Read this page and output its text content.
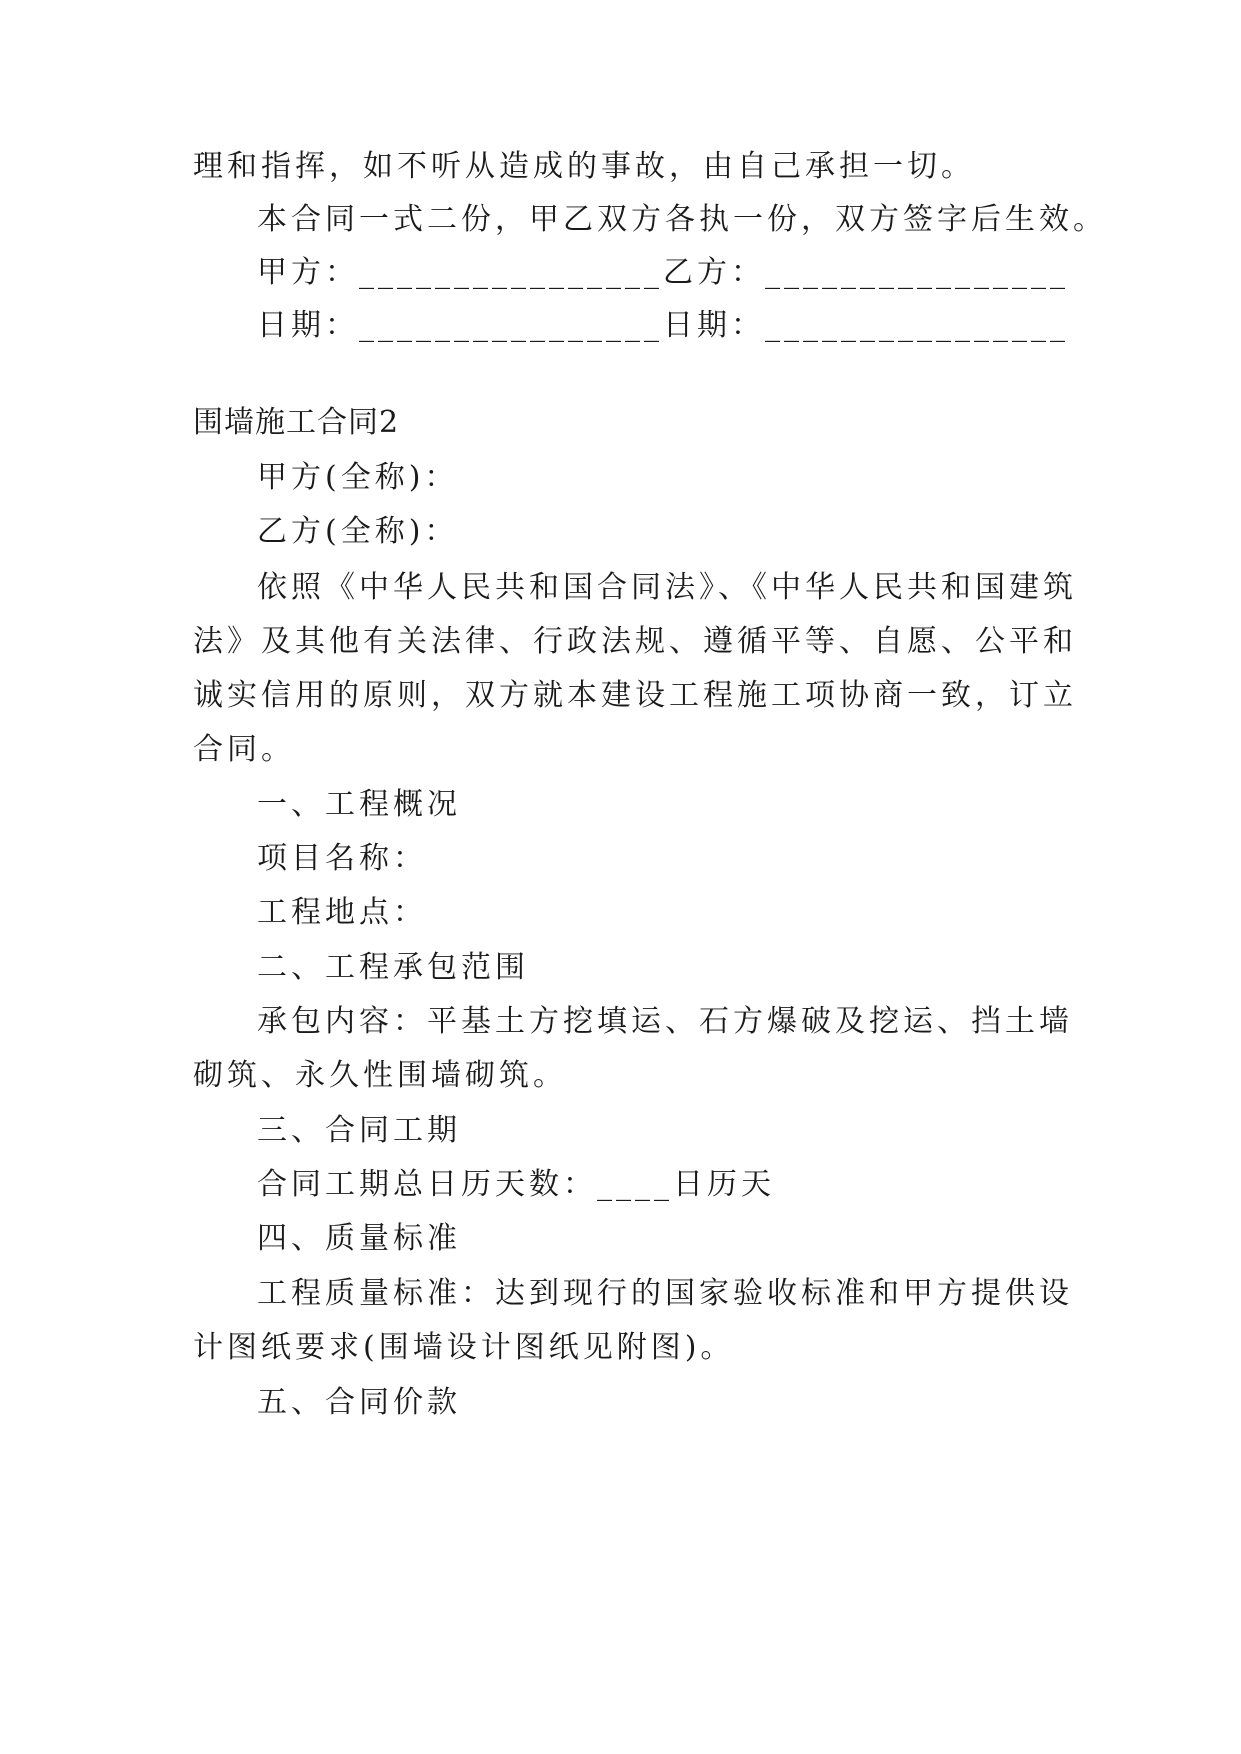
理和指挥，如不听从造成的事故，由自己承担一切。
本合同一式二份，甲乙双方各执一份，双方签字后生效。
甲方：________________乙方：________________
日期：________________日期：________________
围墙施工合同2
甲方(全称)：
乙方(全称)：
依照《中华人民共和国合同法》、《中华人民共和国建筑
法》及其他有关法律、行政法规、遵循平等、自愿、公平和
诚实信用的原则，双方就本建设工程施工项协商一致，订立
合同。
一、工程概况
项目名称：
工程地点：
二、工程承包范围
承包内容：平基土方挖填运、石方爆破及挖运、挡土墙
砌筑、永久性围墙砌筑。
三、合同工期
合同工期总日历天数：____日历天
四、质量标准
工程质量标准：达到现行的国家验收标准和甲方提供设
计图纸要求(围墙设计图纸见附图)。
五、合同价款
